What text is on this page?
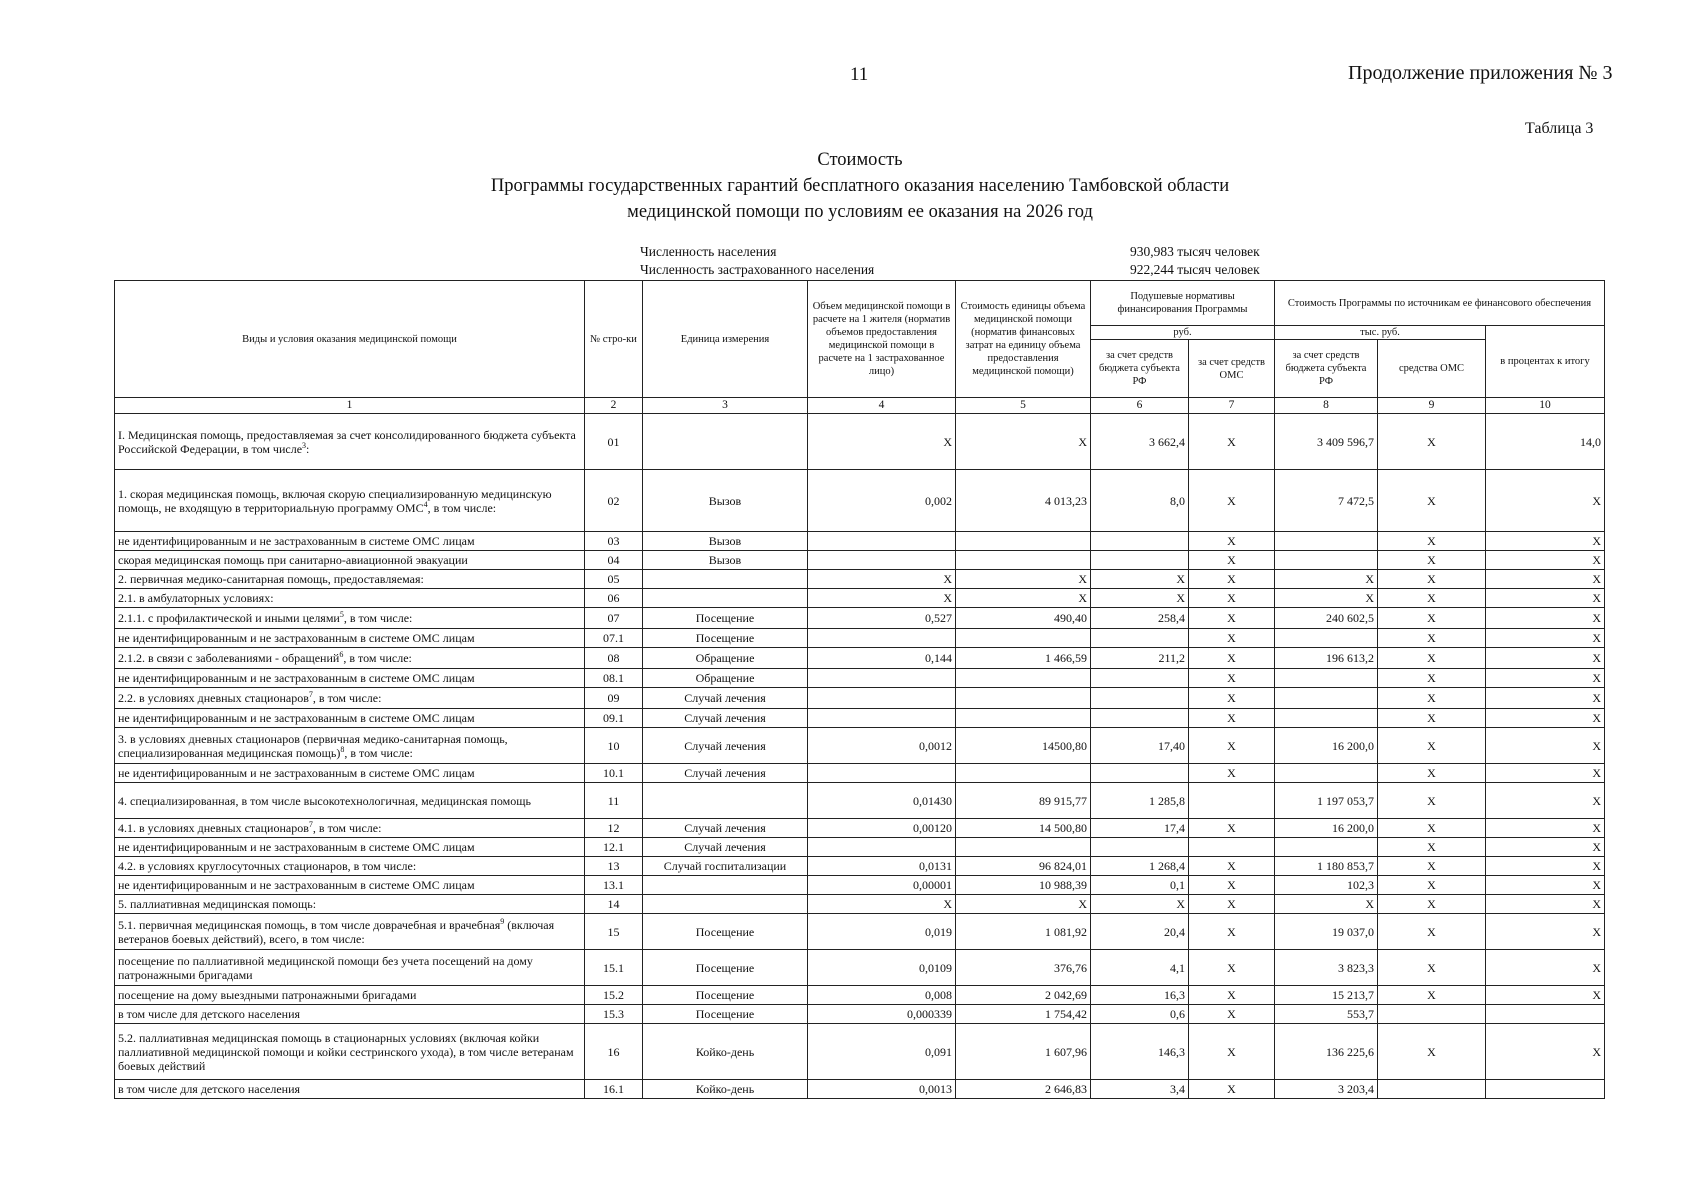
11	Продолжение приложения № 3
Таблица 3
Стоимость
Программы государственных гарантий бесплатного оказания населению Тамбовской области
медицинской помощи по условиям ее оказания на 2026 год
Численность населения	930,983 тысяч человек
Численность застрахованного населения	922,244 тысяч человек
Виды и условия оказания медицинской помощи	№ стро-ки	Единица измерения	Объем медицинской помощи в расчете на 1 жителя (норматив объемов предоставления медицинской помощи в расчете на 1 застрахованное лицо)	Стоимость единицы объема медицинской помощи (норматив финансовых затрат на единицу объема предоставления медицинской помощи)	Подушевые нормативы финансирования Программы		Стоимость Программы по источникам ее финансового обеспечения		
					руб.		тыс. руб.		в процентах к итогу
					за счет средств бюджета субъекта РФ	за счет средств ОМС	за счет средств бюджета субъекта РФ	средства ОМС	
1	2	3	4	5	6	7	8	9	10
I. Медицинская помощь, предоставляемая за счет консолидированного бюджета субъекта Российской Федерации, в том числе$^3$:	01		X	X	3 662,4	X	3 409 596,7	X	14,0
1. скорая медицинская помощь, включая скорую специализированную медицинскую помощь, не входящую в территориальную программу ОМС$^4$, в том числе:	02	Вызов	0,002	4 013,23	8,0	X	7 472,5	X	X
не идентифицированным и не застрахованным в системе ОМС лицам	03	Вызов				X		X	X
скорая медицинская помощь при санитарно-авиационной эвакуации	04	Вызов				X		X	X
2. первичная медико-санитарная помощь, предоставляемая:	05		X	X	X	X	X	X	X
2.1. в амбулаторных условиях:	06		X	X	X	X	X	X	X
2.1.1. с профилактической и иными целями$^5$, в том числе:	07	Посещение	0,527	490,40	258,4	X	240 602,5	X	X
не идентифицированным и не застрахованным в системе ОМС лицам	07.1	Посещение				X		X	X
2.1.2. в связи с заболеваниями - обращений$^6$, в том числе:	08	Обращение	0,144	1 466,59	211,2	X	196 613,2	X	X
не идентифицированным и не застрахованным в системе ОМС лицам	08.1	Обращение				X		X	X
2.2. в условиях дневных стационаров$^7$, в том числе:	09	Случай лечения				X		X	X
не идентифицированным и не застрахованным в системе ОМС лицам	09.1	Случай лечения				X		X	X
3. в условиях дневных стационаров (первичная медико-санитарная помощь, специализированная медицинская помощь)$^8$, в том числе:	10	Случай лечения	0,0012	14500,80	17,40	X	16 200,0	X	X
не идентифицированным и не застрахованным в системе ОМС лицам	10.1	Случай лечения				X		X	X
4. специализированная, в том числе высокотехнологичная, медицинская помощь	11		0,01430	89 915,77	1 285,8		1 197 053,7	X	X
4.1. в условиях дневных стационаров$^7$, в том числе:	12	Случай лечения	0,00120	14 500,80	17,4	X	16 200,0	X	X
не идентифицированным и не застрахованным в системе ОМС лицам	12.1	Случай лечения						X	X
4.2. в условиях круглосуточных стационаров, в том числе:	13	Случай госпитализации	0,0131	96 824,01	1 268,4	X	1 180 853,7	X	X
не идентифицированным и не застрахованным в системе ОМС лицам	13.1		0,00001	10 988,39	0,1	X	102,3	X	X
5. паллиативная медицинская помощь:	14		X	X	X	X	X	X	X
5.1. первичная медицинская помощь, в том числе доврачебная и врачебная$^9$ (включая ветеранов боевых действий), всего, в том числе:	15	Посещение	0,019	1 081,92	20,4	X	19 037,0	X	X
посещение по паллиативной медицинской помощи без учета посещений на дому патронажными бригадами	15.1	Посещение	0,0109	376,76	4,1	X	3 823,3	X	X
посещение на дому выездными патронажными бригадами	15.2	Посещение	0,008	2 042,69	16,3	X	15 213,7	X	X
в том числе для детского населения	15.3	Посещение	0,000339	1 754,42	0,6	X	553,7		
5.2. паллиативная медицинская помощь в стационарных условиях (включая койки паллиативной медицинской помощи и койки сестринского ухода), в том числе ветеранам боевых действий	16	Койко-день	0,091	1 607,96	146,3	X	136 225,6	X	X
в том числе для детского населения	16.1	Койко-день	0,0013	2 646,83	3,4	X	3 203,4		
